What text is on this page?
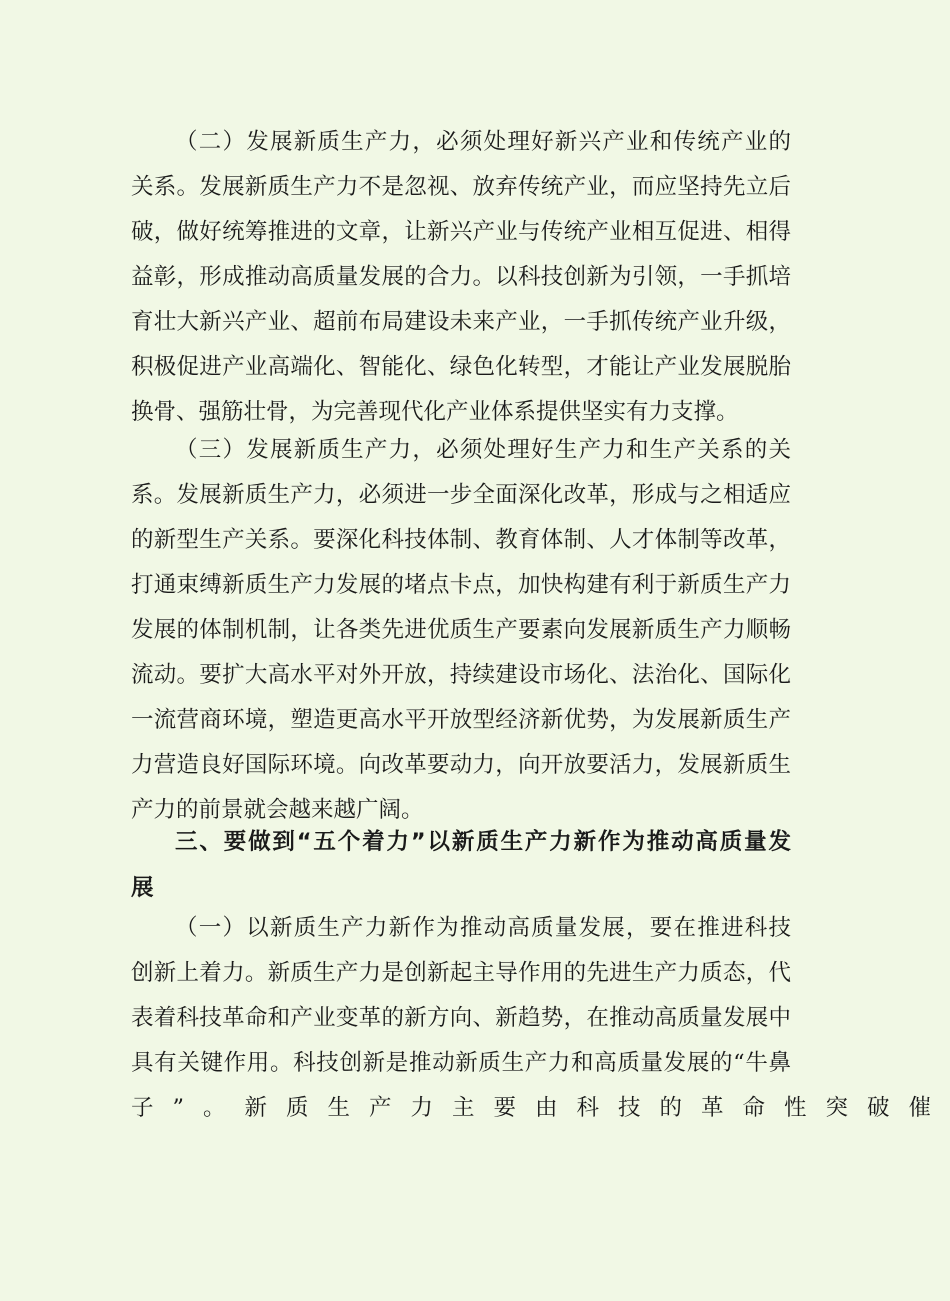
（二）发展新质生产力，必须处理好新兴产业和传统产业的
关系。发展新质生产力不是忽视、放弃传统产业，而应坚持先立后
破，做好统筹推进的文章，让新兴产业与传统产业相互促进、相得
益彰，形成推动高质量发展的合力。以科技创新为引领，一手抓培
育壮大新兴产业、超前布局建设未来产业，一手抓传统产业升级，
积极促进产业高端化、智能化、绿色化转型，才能让产业发展脱胎
换骨、强筋壮骨，为完善现代化产业体系提供坚实有力支撑。
（三）发展新质生产力，必须处理好生产力和生产关系的关
系。发展新质生产力，必须进一步全面深化改革，形成与之相适应
的新型生产关系。要深化科技体制、教育体制、人才体制等改革，
打通束缚新质生产力发展的堵点卡点，加快构建有利于新质生产力
发展的体制机制，让各类先进优质生产要素向发展新质生产力顺畅
流动。要扩大高水平对外开放，持续建设市场化、法治化、国际化
一流营商环境，塑造更高水平开放型经济新优势，为发展新质生产
力营造良好国际环境。向改革要动力，向开放要活力，发展新质生
产力的前景就会越来越广阔。
三、要做到“五个着力”以新质生产力新作为推动高质量发
展
（一）以新质生产力新作为推动高质量发展，要在推进科技
创新上着力。新质生产力是创新起主导作用的先进生产力质态，代
表着科技革命和产业变革的新方向、新趋势，在推动高质量发展中
具有关键作用。科技创新是推动新质生产力和高质量发展的“牛鼻
子”。新质生产力主要由科技的革命性突破催
